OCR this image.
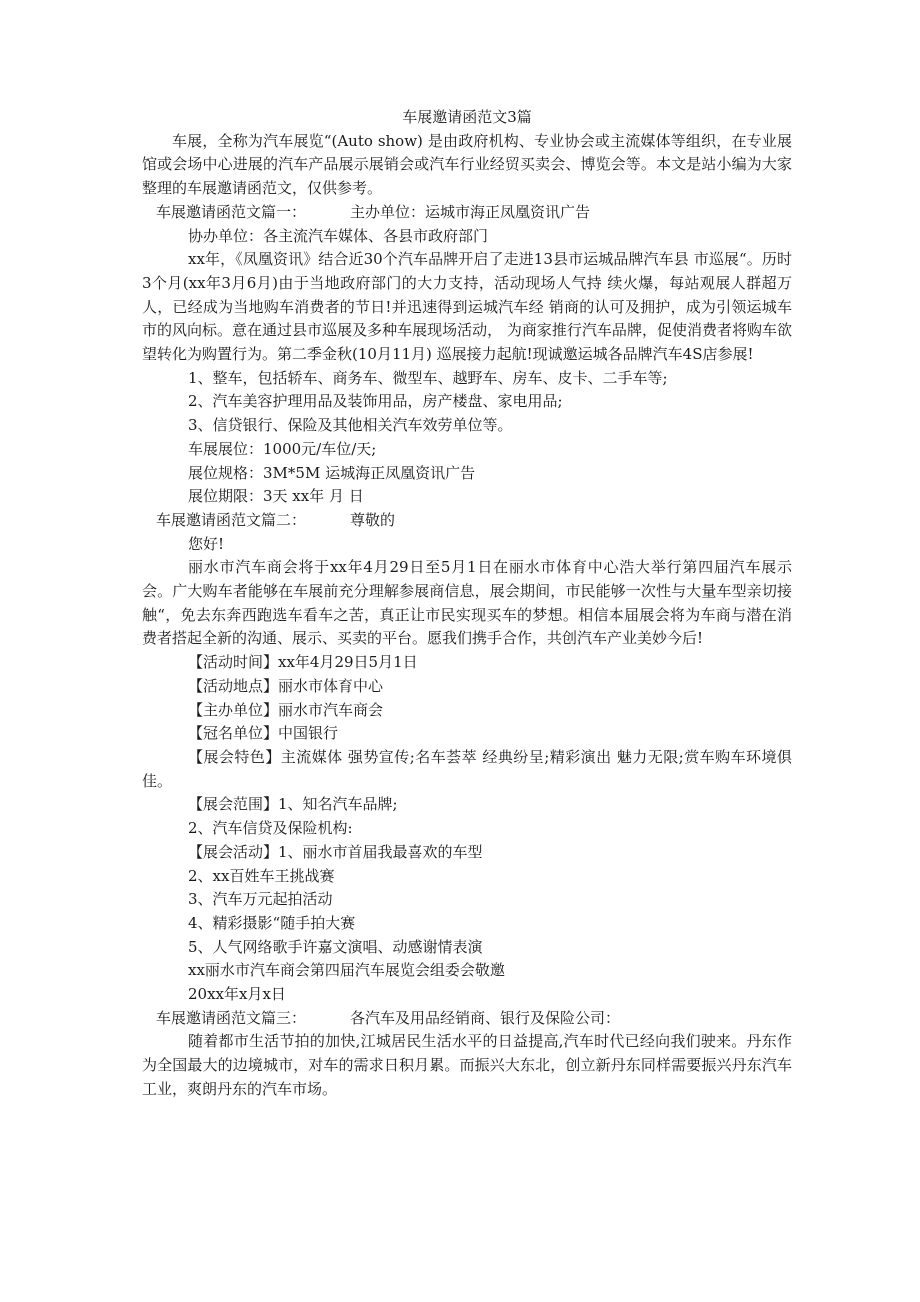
车展邀请函范文3篇

车展，全称为汽车展览“(Auto show) 是由政府机构、专业协会或主流媒体等组织，在专业展馆或会场中心进展的汽车产品展示展销会或汽车行业经贸买卖会、博览会等。本文是站小编为大家整理的车展邀请函范文，仅供参考。

车展邀请函范文篇一：	主办单位：运城市海正凤凰资讯广告

协办单位：各主流汽车媒体、各县市政府部门

xx年，《凤凰资讯》结合近30个汽车品牌开启了走进13县市运城品牌汽车县 市巡展“。历时3个月(xx年3月6月)由于当地政府部门的大力支持，活动现场人气持 续火爆，每站观展人群超万人，已经成为当地购车消费者的节日!并迅速得到运城汽车经 销商的认可及拥护，成为引领运城车市的风向标。意在通过县市巡展及多种车展现场活动， 为商家推行汽车品牌，促使消费者将购车欲望转化为购置行为。第二季金秋(10月11月) 巡展接力起航!现诚邀运城各品牌汽车4S店参展!

1、整车，包括轿车、商务车、微型车、越野车、房车、皮卡、二手车等;

2、汽车美容护理用品及装饰用品，房产楼盘、家电用品;

3、信贷银行、保险及其他相关汽车效劳单位等。

车展展位：1000元/车位/天;

展位规格：3M*5M 运城海正凤凰资讯广告

展位期限：3天 xx年 月 日

车展邀请函范文篇二：	尊敬的

您好!

丽水市汽车商会将于xx年4月29日至5月1日在丽水市体育中心浩大举行第四届汽车展示会。广大购车者能够在车展前充分理解参展商信息，展会期间，市民能够一次性与大量车型亲切接触“，免去东奔西跑选车看车之苦，真正让市民实现买车的梦想。相信本届展会将为车商与潜在消费者搭起全新的沟通、展示、买卖的平台。愿我们携手合作，共创汽车产业美妙今后!

【活动时间】xx年4月29日5月1日

【活动地点】丽水市体育中心

【主办单位】丽水市汽车商会

【冠名单位】中国银行

【展会特色】主流媒体 强势宣传;名车荟萃 经典纷呈;精彩演出 魅力无限;赏车购车环境俱佳。

【展会范围】1、知名汽车品牌;

2、汽车信贷及保险机构:

【展会活动】1、丽水市首届我最喜欢的车型

2、xx百姓车王挑战赛

3、汽车万元起拍活动

4、精彩摄影“随手拍大赛

5、人气网络歌手许嘉文演唱、动感谢情表演

xx丽水市汽车商会第四届汽车展览会组委会敬邀

20xx年x月x日

车展邀请函范文篇三：	各汽车及用品经销商、银行及保险公司：

随着都市生活节拍的加快,江城居民生活水平的日益提高,汽车时代已经向我们驶来。丹东作为全国最大的边境城市，对车的需求日积月累。而振兴大东北，创立新丹东同样需要振兴丹东汽车工业，爽朗丹东的汽车市场。
